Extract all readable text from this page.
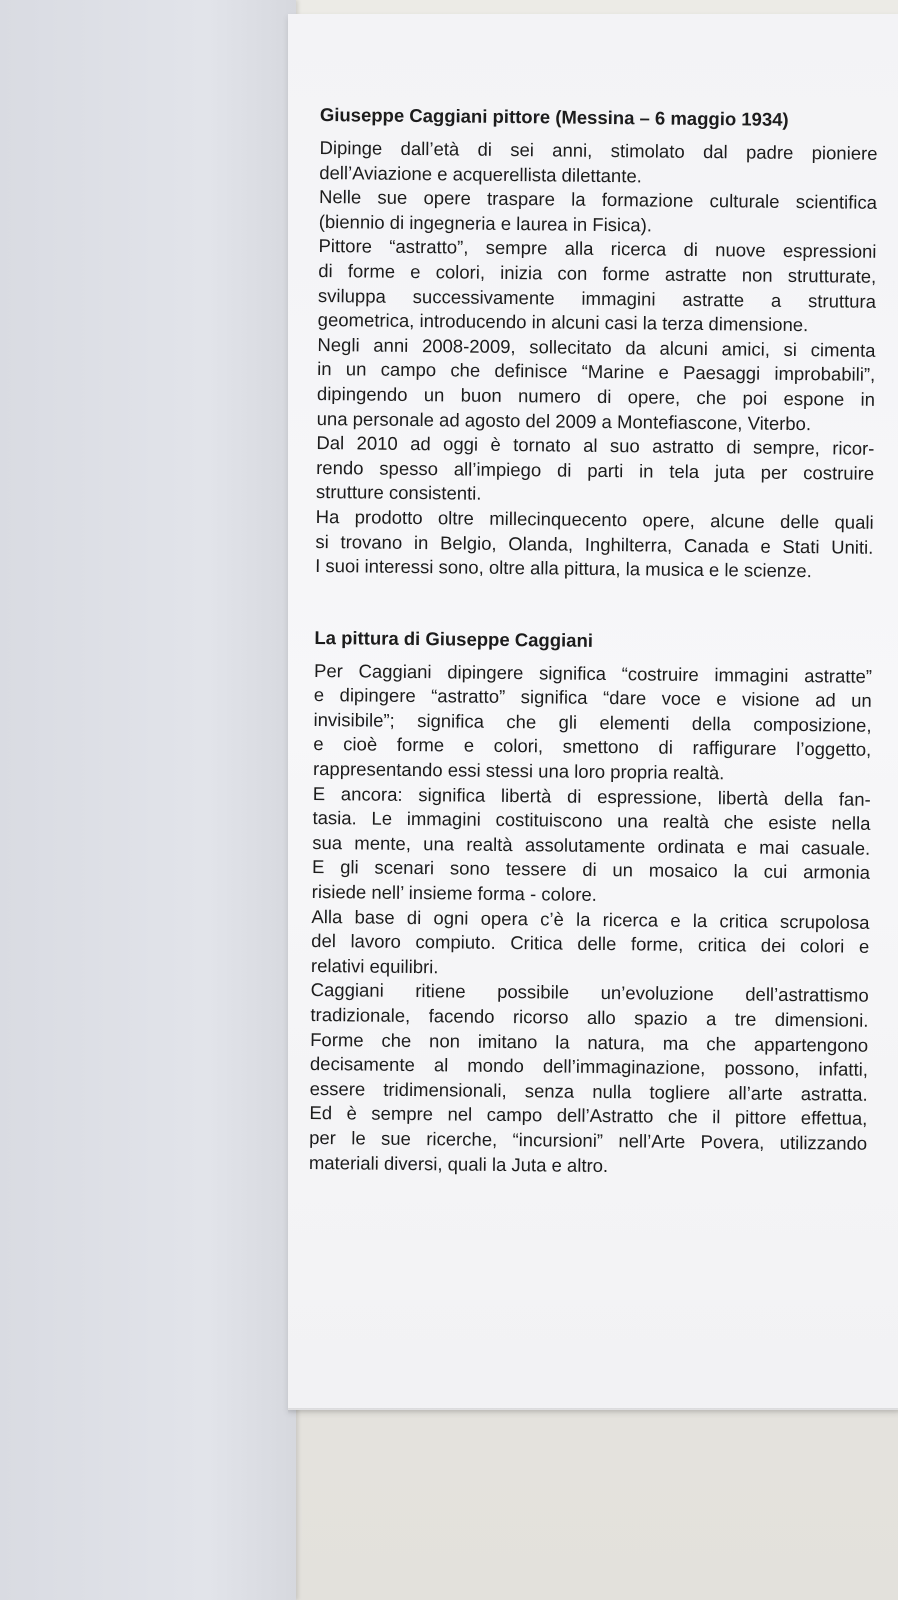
Giuseppe Caggiani pittore (Messina – 6 maggio 1934)
Dipinge dall’età di sei anni, stimolato dal padre pioniere
dell’Aviazione e acquerellista dilettante.
Nelle sue opere traspare la formazione culturale scientifica
(biennio di ingegneria e laurea in Fisica).
Pittore “astratto”, sempre alla ricerca di nuove espressioni
di forme e colori, inizia con forme astratte non strutturate,
sviluppa successivamente immagini astratte a struttura
geometrica, introducendo in alcuni casi la terza dimensione.
Negli anni 2008-2009, sollecitato da alcuni amici, si cimenta
in un campo che definisce “Marine e Paesaggi improbabili”,
dipingendo un buon numero di opere, che poi espone in
una personale ad agosto del 2009 a Montefiascone, Viterbo.
Dal 2010 ad oggi è tornato al suo astratto di sempre, ricor-
rendo spesso all’impiego di parti in tela juta per costruire
strutture consistenti.
Ha prodotto oltre millecinquecento opere, alcune delle quali
si trovano in Belgio, Olanda, Inghilterra, Canada e Stati Uniti.
I suoi interessi sono, oltre alla pittura, la musica e le scienze.
La pittura di Giuseppe Caggiani
Per Caggiani dipingere significa “costruire immagini astratte”
e dipingere “astratto” significa “dare voce e visione ad un
invisibile”; significa che gli elementi della composizione,
e cioè forme e colori, smettono di raffigurare l’oggetto,
rappresentando essi stessi una loro propria realtà.
E ancora: significa libertà di espressione, libertà della fan-
tasia. Le immagini costituiscono una realtà che esiste nella
sua mente, una realtà assolutamente ordinata e mai casuale.
E gli scenari sono tessere di un mosaico la cui armonia
risiede nell’ insieme forma - colore.
Alla base di ogni opera c’è la ricerca e la critica scrupolosa
del lavoro compiuto. Critica delle forme, critica dei colori e
relativi equilibri.
Caggiani ritiene possibile un’evoluzione dell’astrattismo
tradizionale, facendo ricorso allo spazio a tre dimensioni.
Forme che non imitano la natura, ma che appartengono
decisamente al mondo dell’immaginazione, possono, infatti,
essere tridimensionali, senza nulla togliere all’arte astratta.
Ed è sempre nel campo dell’Astratto che il pittore effettua,
per le sue ricerche, “incursioni” nell’Arte Povera, utilizzando
materiali diversi, quali la Juta e altro.
